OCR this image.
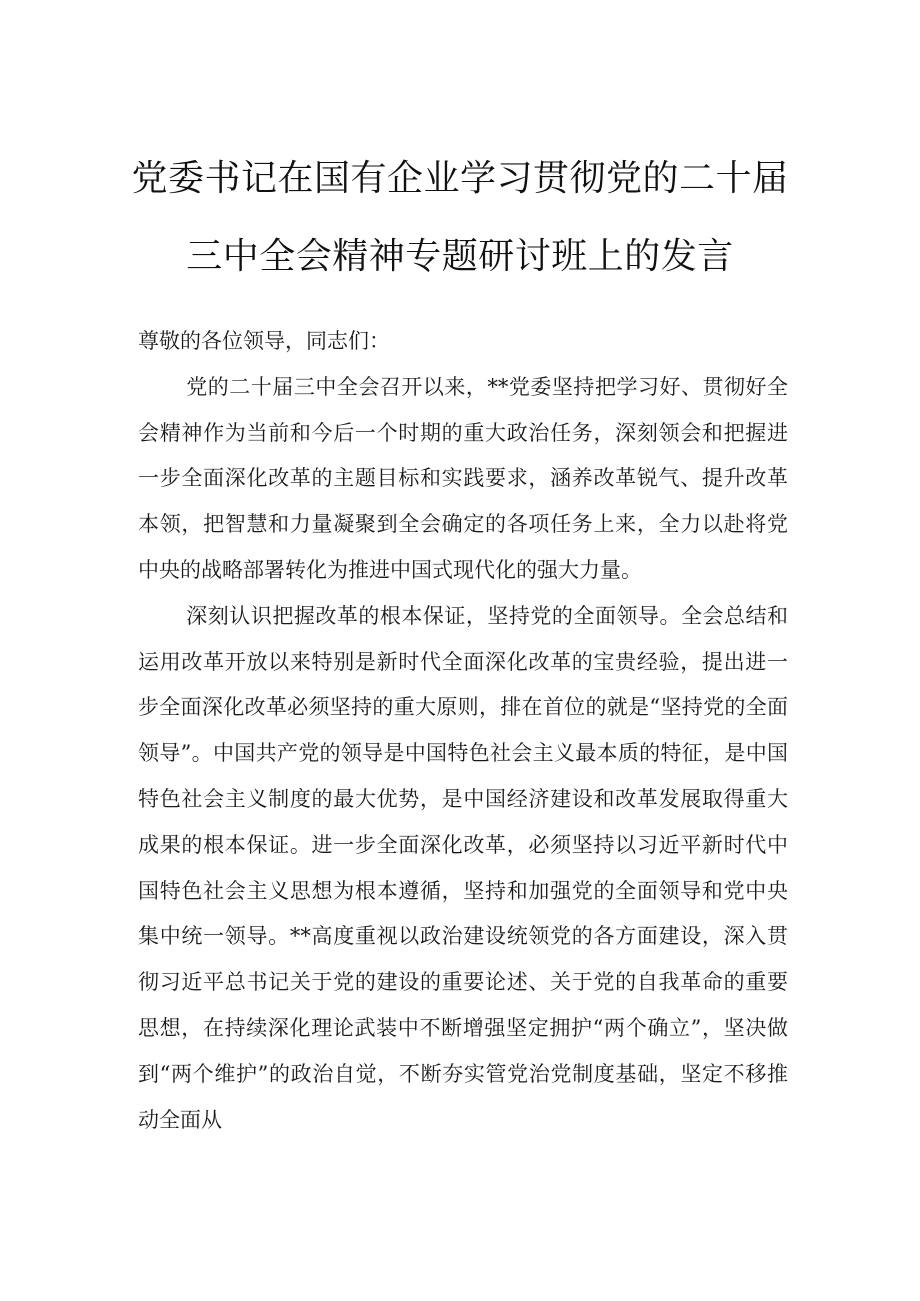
党委书记在国有企业学习贯彻党的二十届
三中全会精神专题研讨班上的发言

尊敬的各位领导，同志们：

党的二十届三中全会召开以来，**党委坚持把学习好、贯彻好全会精神作为当前和今后一个时期的重大政治任务，深刻领会和把握进一步全面深化改革的主题目标和实践要求，涵养改革锐气、提升改革本领，把智慧和力量凝聚到全会确定的各项任务上来，全力以赴将党中央的战略部署转化为推进中国式现代化的强大力量。

深刻认识把握改革的根本保证，坚持党的全面领导。全会总结和运用改革开放以来特别是新时代全面深化改革的宝贵经验，提出进一步全面深化改革必须坚持的重大原则，排在首位的就是“坚持党的全面领导”。中国共产党的领导是中国特色社会主义最本质的特征，是中国特色社会主义制度的最大优势，是中国经济建设和改革发展取得重大成果的根本保证。进一步全面深化改革，必须坚持以习近平新时代中国特色社会主义思想为根本遵循，坚持和加强党的全面领导和党中央集中统一领导。**高度重视以政治建设统领党的各方面建设，深入贯彻习近平总书记关于党的建设的重要论述、关于党的自我革命的重要思想，在持续深化理论武装中不断增强坚定拥护“两个确立”，坚决做到“两个维护”的政治自觉，不断夯实管党治党制度基础，坚定不移推动全面从
